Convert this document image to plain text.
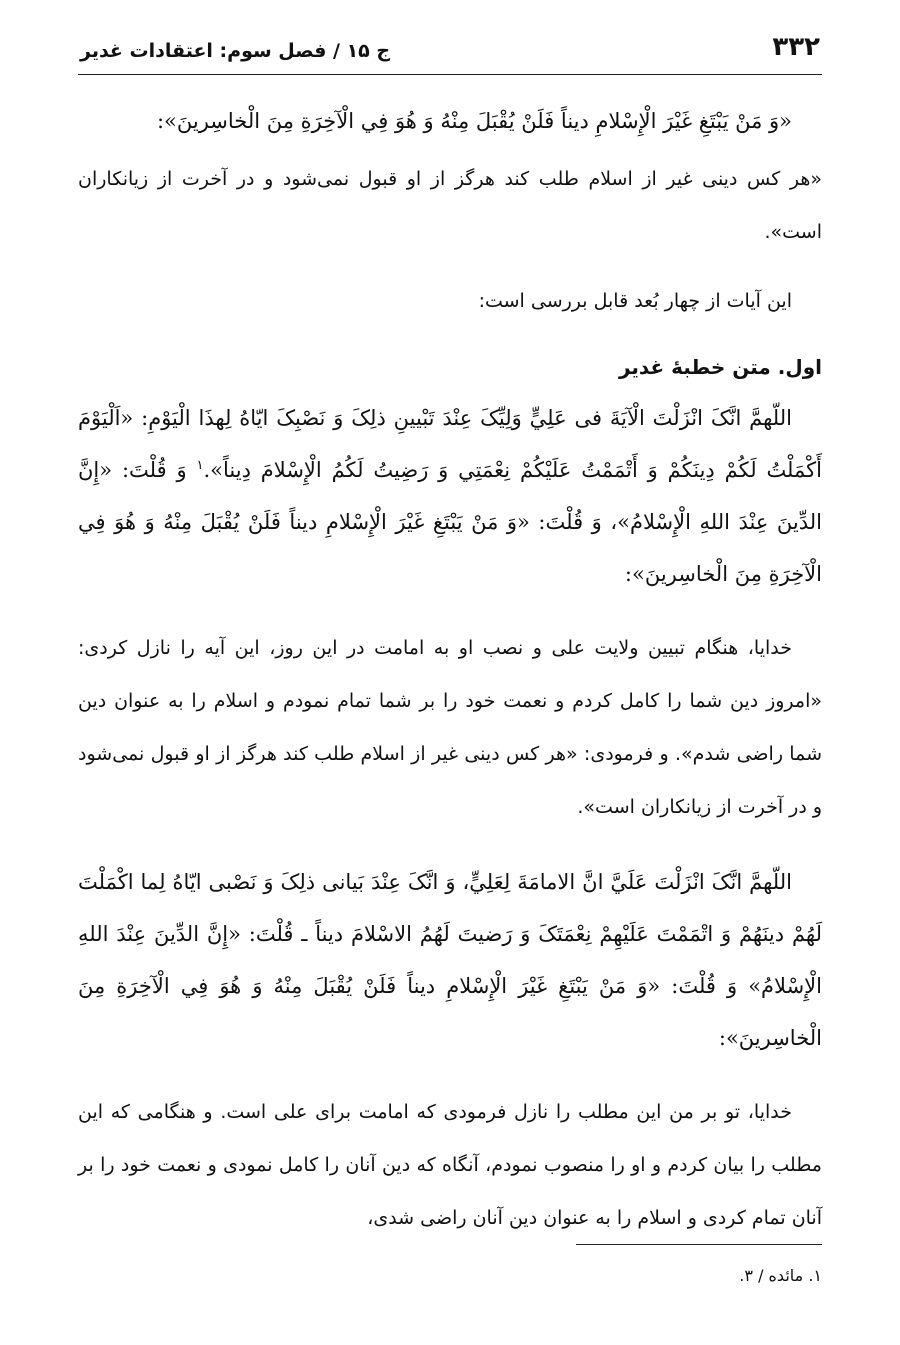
۳۳۲
ج ۱۵ / فصل سوم: اعتقادات غدیر

«وَ مَنْ يَبْتَغِ غَيْرَ الْإِسْلامِ ديناً فَلَنْ يُقْبَلَ مِنْهُ وَ هُوَ فِي الْآخِرَةِ مِنَ الْخاسِرينَ»:

«هر کس دینی غیر از اسلام طلب کند هرگز از او قبول نمی‌شود و در آخرت از زیانکاران است».

این آیات از چهار بُعد قابل بررسی است:

اول. متن خطبهٔ غدیر

اللّهمَّ انَّکَ انْزَلْتَ الْآيَةَ فى عَلِيٍّ وَلِيِّکَ عِنْدَ تَبْيينِ ذلِکَ وَ نَصْبِکَ ايّاهُ لِهذَا الْيَوْمِ: «اَلْيَوْمَ أَكْمَلْتُ لَكُمْ دِينَكُمْ وَ أَتْمَمْتُ عَلَيْكُمْ نِعْمَتِي وَ رَضِيتُ لَكُمُ الْإِسْلامَ دِيناً».$^۱$ وَ قُلْتَ: «إِنَّ الدِّينَ عِنْدَ اللهِ الْإِسْلامُ»، وَ قُلْتَ: «وَ مَنْ يَبْتَغِ غَيْرَ الْإِسْلامِ ديناً فَلَنْ يُقْبَلَ مِنْهُ وَ هُوَ فِي الْآخِرَةِ مِنَ الْخاسِرينَ»:

خدایا، هنگام تبیین ولایت علی و نصب او به امامت در این روز، این آیه را نازل کردی: «امروز دین شما را کامل کردم و نعمت خود را بر شما تمام نمودم و اسلام را به عنوان دین شما راضی شدم». و فرمودی: «هر کس دینی غیر از اسلام طلب کند هرگز از او قبول نمی‌شود و در آخرت از زیانکاران است».

اللّهمَّ انَّکَ انْزَلْتَ عَلَيَّ انَّ الامامَةَ لِعَلِيٍّ، وَ انَّکَ عِنْدَ بَيانى ذلِکَ وَ نَصْبى ايّاهُ لِما اكْمَلْتَ لَهُمْ دينَهُمْ وَ اتْمَمْتَ عَلَيْهِمْ نِعْمَتَکَ وَ رَضيتَ لَهُمُ الاسْلامَ ديناً ـ قُلْتَ: «إِنَّ الدِّينَ عِنْدَ اللهِ الْإِسْلامُ» وَ قُلْتَ: «وَ مَنْ يَبْتَغِ غَيْرَ الْإِسْلامِ ديناً فَلَنْ يُقْبَلَ مِنْهُ وَ هُوَ فِي الْآخِرَةِ مِنَ الْخاسِرينَ»:

خدایا، تو بر من این مطلب را نازل فرمودی که امامت برای علی است. و هنگامی که این مطلب را بیان کردم و او را منصوب نمودم، آنگاه که دین آنان را کامل نمودی و نعمت خود را بر آنان تمام کردی و اسلام را به عنوان دین آنان راضی شدی،

۱. مائده / ۳.
